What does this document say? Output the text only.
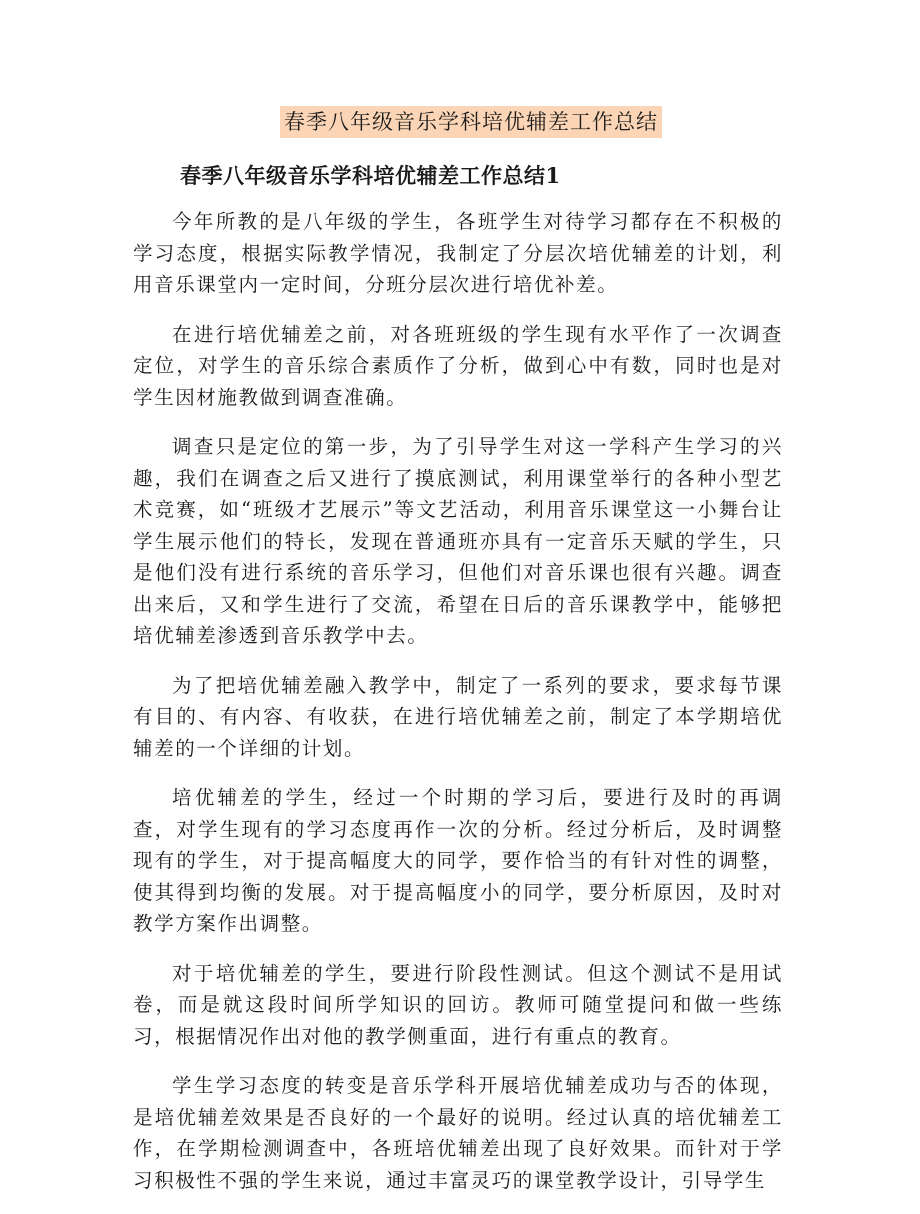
春季八年级音乐学科培优辅差工作总结
春季八年级音乐学科培优辅差工作总结1

今年所教的是八年级的学生，各班学生对待学习都存在不积极的学习态度，根据实际教学情况，我制定了分层次培优辅差的计划，利用音乐课堂内一定时间，分班分层次进行培优补差。

在进行培优辅差之前，对各班班级的学生现有水平作了一次调查定位，对学生的音乐综合素质作了分析，做到心中有数，同时也是对学生因材施教做到调查准确。

调查只是定位的第一步，为了引导学生对这一学科产生学习的兴趣，我们在调查之后又进行了摸底测试，利用课堂举行的各种小型艺术竞赛，如“班级才艺展示”等文艺活动，利用音乐课堂这一小舞台让学生展示他们的特长，发现在普通班亦具有一定音乐天赋的学生，只是他们没有进行系统的音乐学习，但他们对音乐课也很有兴趣。调查出来后，又和学生进行了交流，希望在日后的音乐课教学中，能够把培优辅差渗透到音乐教学中去。

为了把培优辅差融入教学中，制定了一系列的要求，要求每节课有目的、有内容、有收获，在进行培优辅差之前，制定了本学期培优辅差的一个详细的计划。

培优辅差的学生，经过一个时期的学习后，要进行及时的再调查，对学生现有的学习态度再作一次的分析。经过分析后，及时调整现有的学生，对于提高幅度大的同学，要作恰当的有针对性的调整，使其得到均衡的发展。对于提高幅度小的同学，要分析原因，及时对教学方案作出调整。

对于培优辅差的学生，要进行阶段性测试。但这个测试不是用试卷，而是就这段时间所学知识的回访。教师可随堂提问和做一些练习，根据情况作出对他的教学侧重面，进行有重点的教育。

学生学习态度的转变是音乐学科开展培优辅差成功与否的体现，是培优辅差效果是否良好的一个最好的说明。经过认真的培优辅差工作，在学期检测调查中，各班培优辅差出现了良好效果。而针对于学习积极性不强的学生来说，通过丰富灵巧的课堂教学设计，引导学生
